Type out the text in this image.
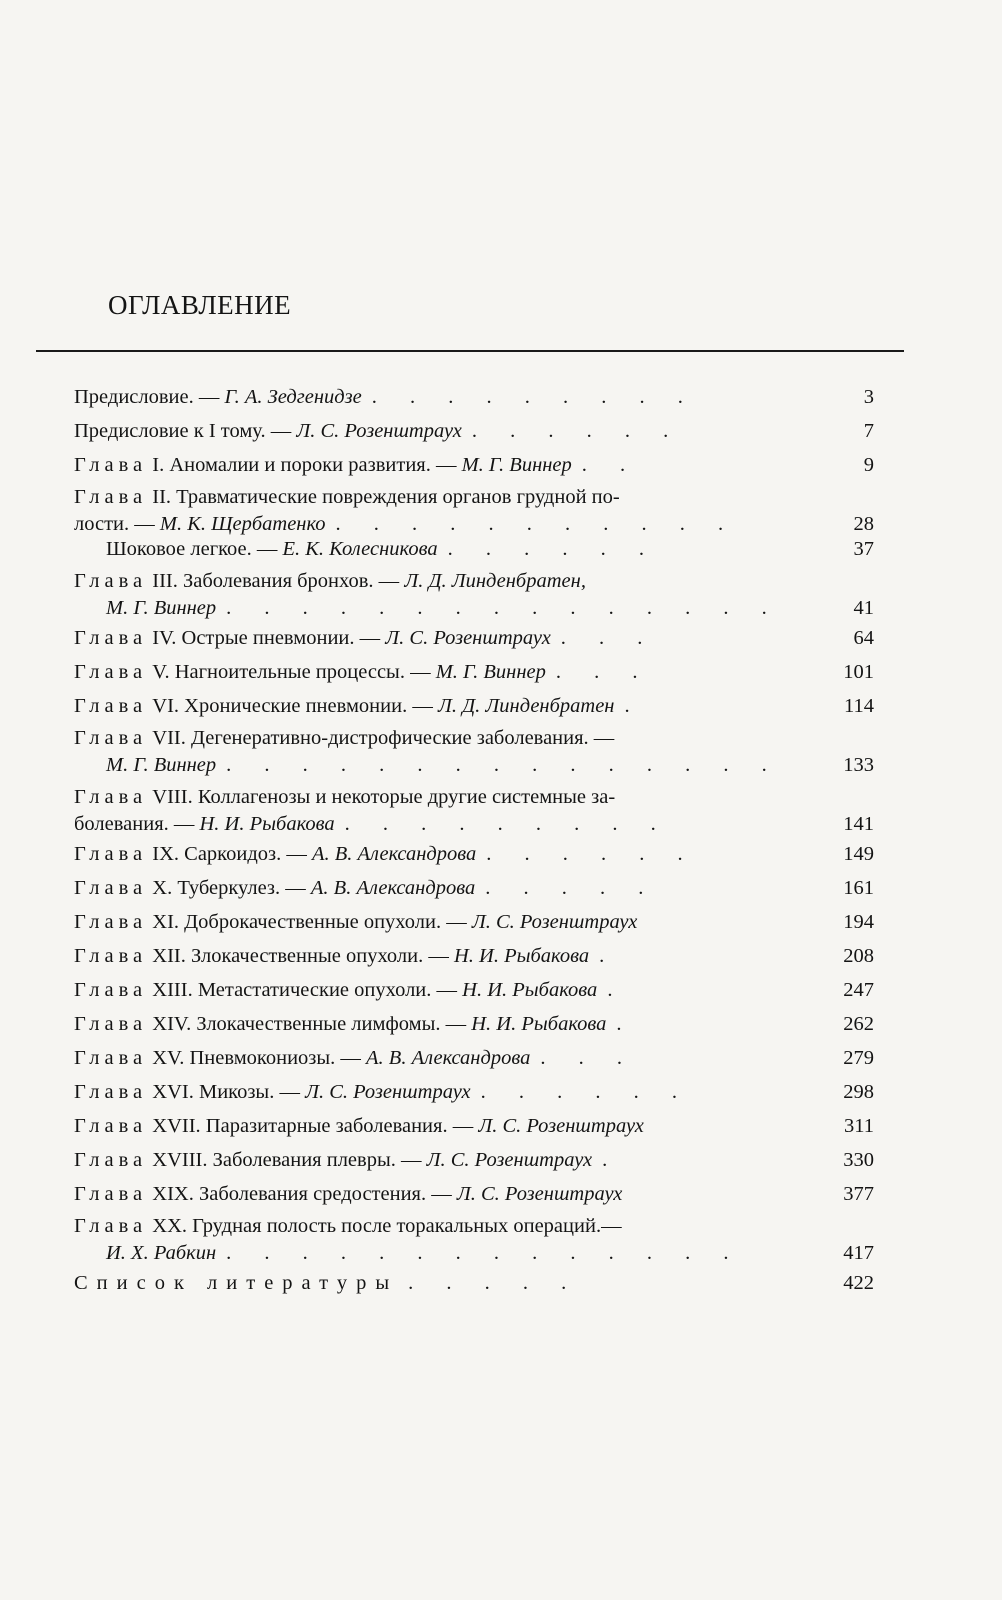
ОГЛАВЛЕНИЕ
Предисловие. — Г. А. Зедгенидзе . . . . . . . . .	3
Предисловие к I тому. — Л. С. Розенштраух . . . . . .	7
Глава I. Аномалии и пороки развития. — М. Г. Виннер . .	9
Глава II. Травматические повреждения органов грудной по-
лости. — М. К. Щербатенко . . . . . . . . . . .	28
Шоковое легкое. — Е. К. Колесникова . . . . . .	37
Глава III. Заболевания бронхов. — Л. Д. Линденбратен,
М. Г. Виннер . . . . . . . . . . . . . . .	41
Глава IV. Острые пневмонии. — Л. С. Розенштраух . . .	64
Глава V. Нагноительные процессы. — М. Г. Виннер . . .	101
Глава VI. Хронические пневмонии. — Л. Д. Линденбратен .	114
Глава VII. Дегенеративно-дистрофические заболевания. —
М. Г. Виннер . . . . . . . . . . . . . . .	133
Глава VIII. Коллагенозы и некоторые другие системные за-
болевания. — Н. И. Рыбакова . . . . . . . . .	141
Глава IX. Саркоидоз. — А. В. Александрова . . . . . .	149
Глава X. Туберкулез. — А. В. Александрова . . . . .	161
Глава XI. Доброкачественные опухоли. — Л. С. Розенштраух	194
Глава XII. Злокачественные опухоли. — Н. И. Рыбакова .	208
Глава XIII. Метастатические опухоли. — Н. И. Рыбакова .	247
Глава XIV. Злокачественные лимфомы. — Н. И. Рыбакова .	262
Глава XV. Пневмокониозы. — А. В. Александрова . . .	279
Глава XVI. Микозы. — Л. С. Розенштраух . . . . . .	298
Глава XVII. Паразитарные заболевания. — Л. С. Розенштраух	311
Глава XVIII. Заболевания плевры. — Л. С. Розенштраух .	330
Глава XIX. Заболевания средостения. — Л. С. Розенштраух	377
Глава XX. Грудная полость после торакальных операций.—
И. Х. Рабкин . . . . . . . . . . . . . .	417
Список литературы . . . . .	422
